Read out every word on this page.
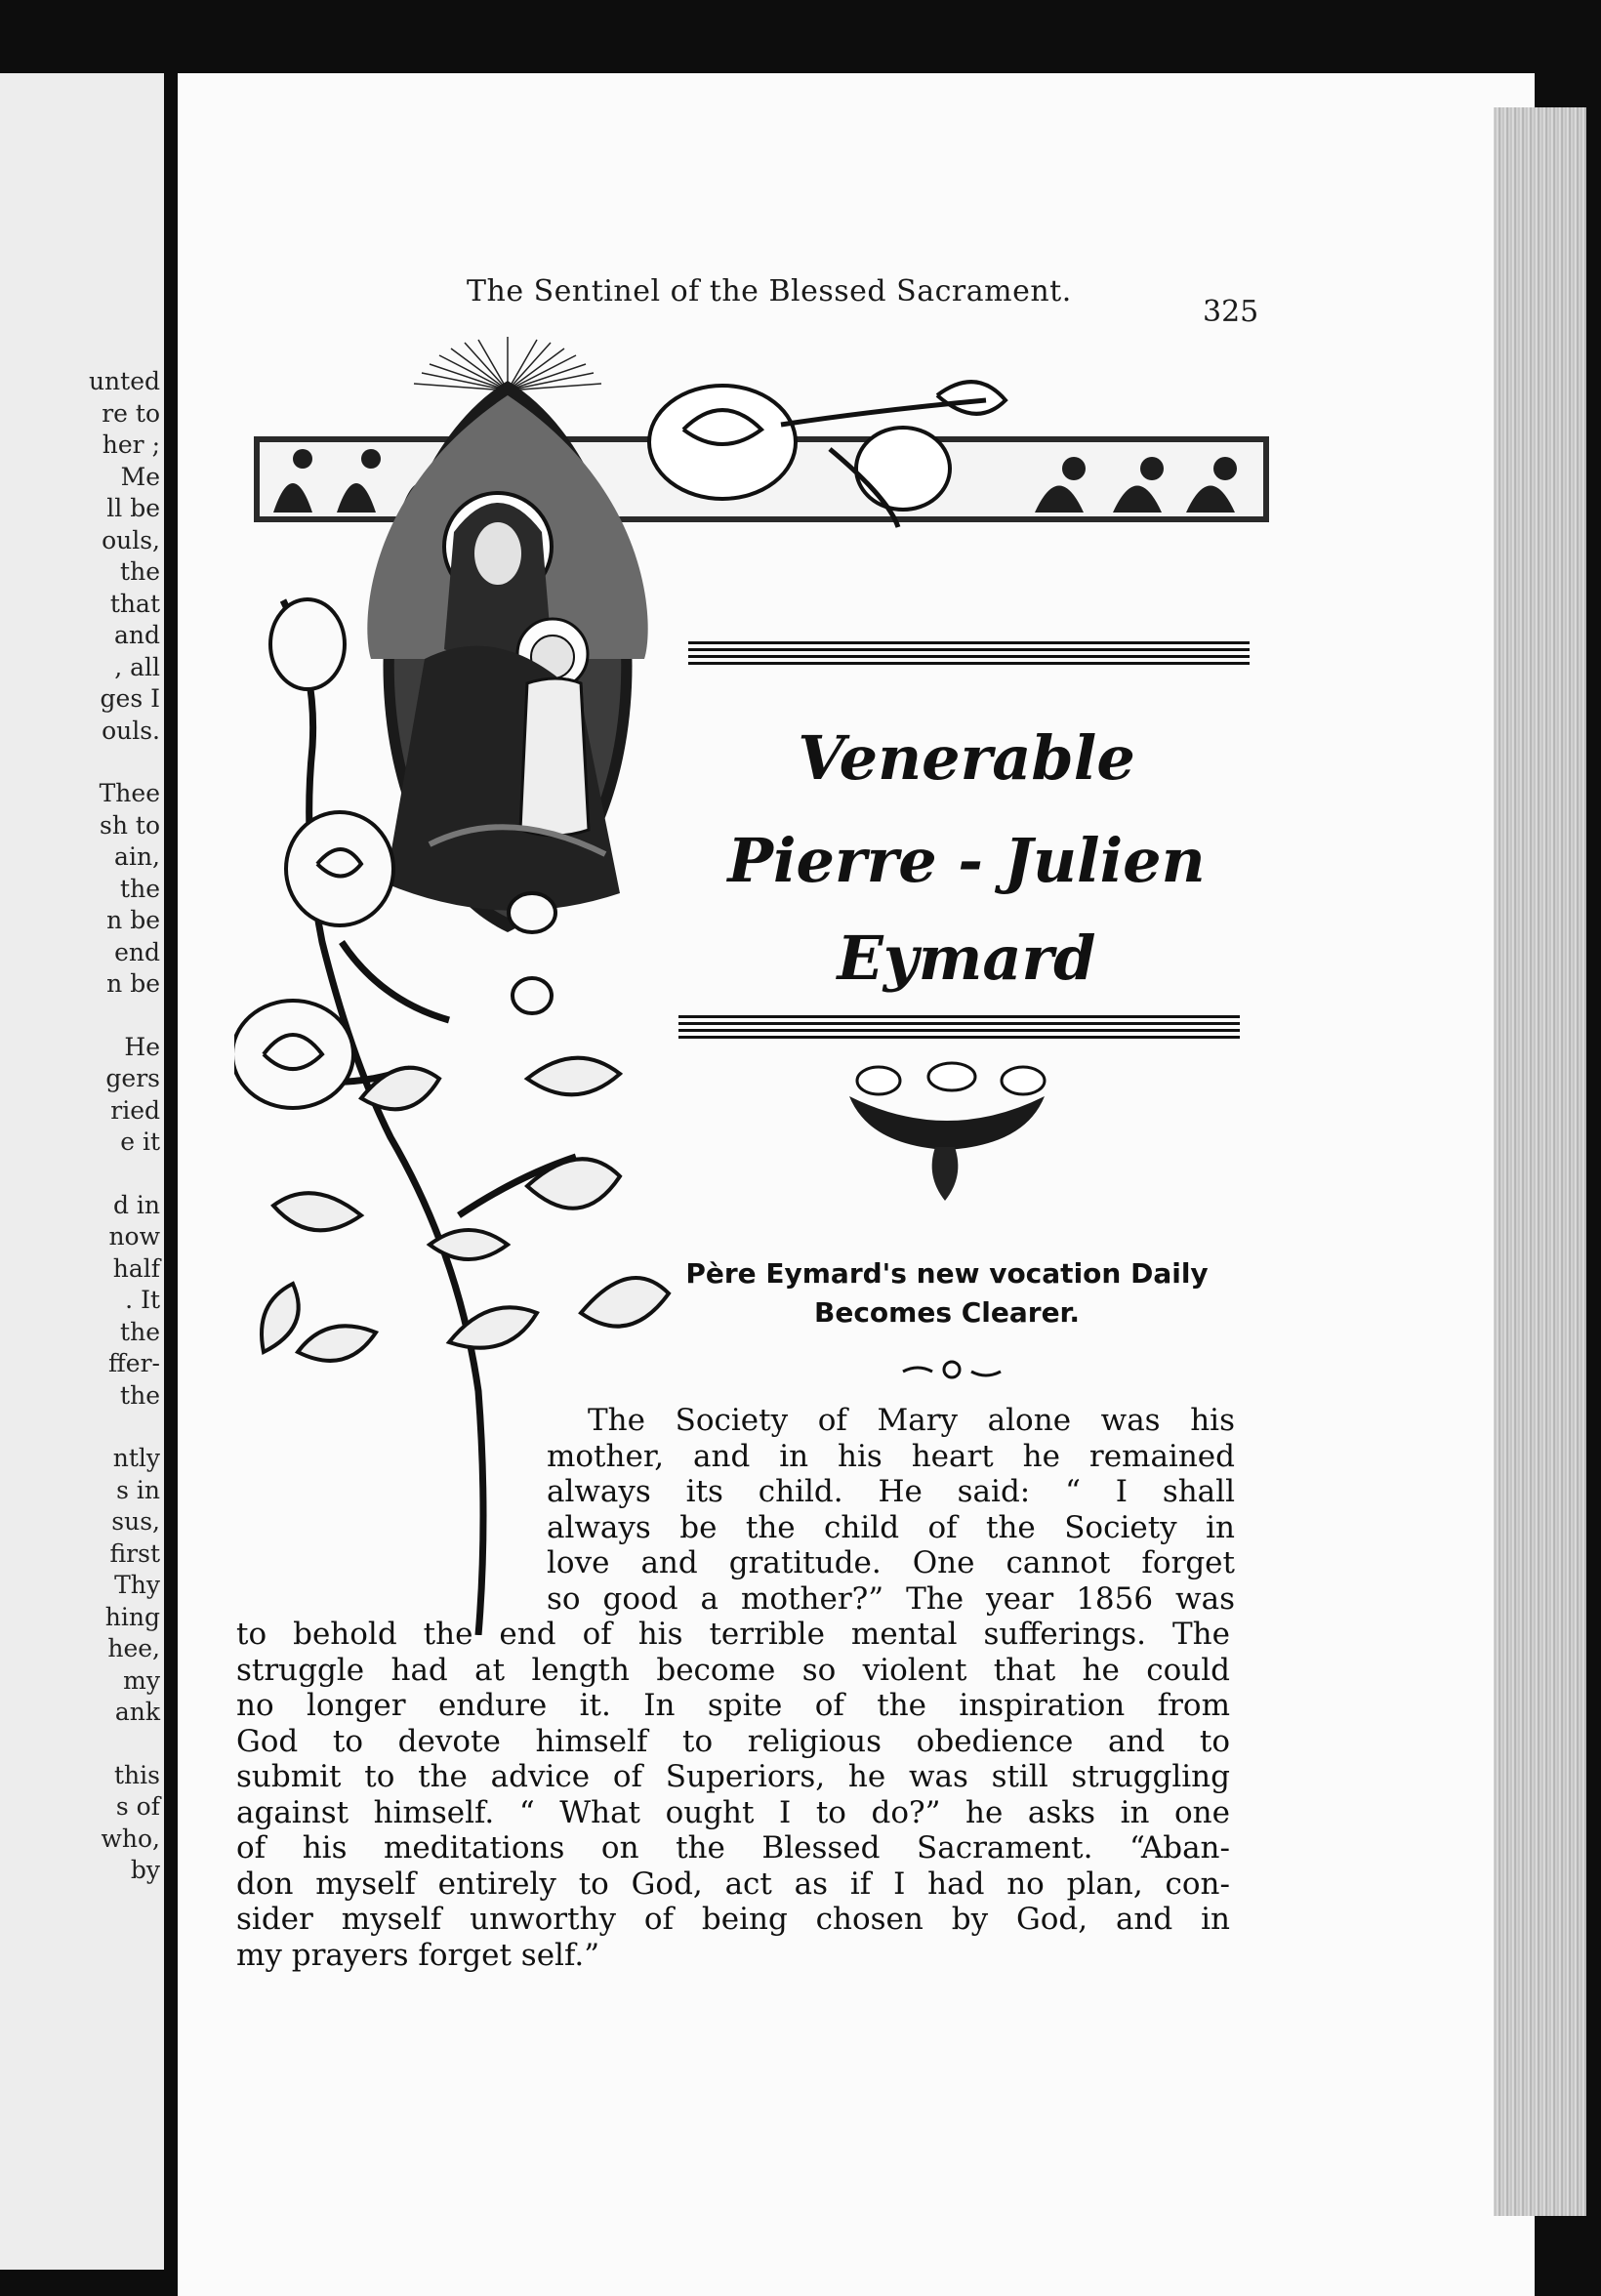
unted
re to
her ;
Me
ll be
ouls,
the
that
and
, all
ges I
ouls.
Thee
sh to
ain,
the
n be
end
n be
He
gers
ried
e it
d in
now
half
. It
the
ffer-
the
ntly
s in
sus,
first
Thy
hing
hee,
my
ank
this
s of
who,
by
The Sentinel of the Blessed Sacrament.
325
Venerable
Pierre - Julien
Eymard
Père Eymard's new vocation Daily
Becomes Clearer.
The Society of Mary alone was his
mother, and in his heart he remained
always its child. He said: “ I shall
always be the child of the Society in
love and gratitude. One cannot forget
so good a mother?” The year 1856 was
to behold the end of his terrible mental sufferings. The
struggle had at length become so violent that he could
no longer endure it. In spite of the inspiration from
God to devote himself to religious obedience and to
submit to the advice of Superiors, he was still struggling
against himself. “ What ought I to do?” he asks in one
of his meditations on the Blessed Sacrament. “Aban-
don myself entirely to God, act as if I had no plan, con-
sider myself unworthy of being chosen by God, and in
my prayers forget self.”
